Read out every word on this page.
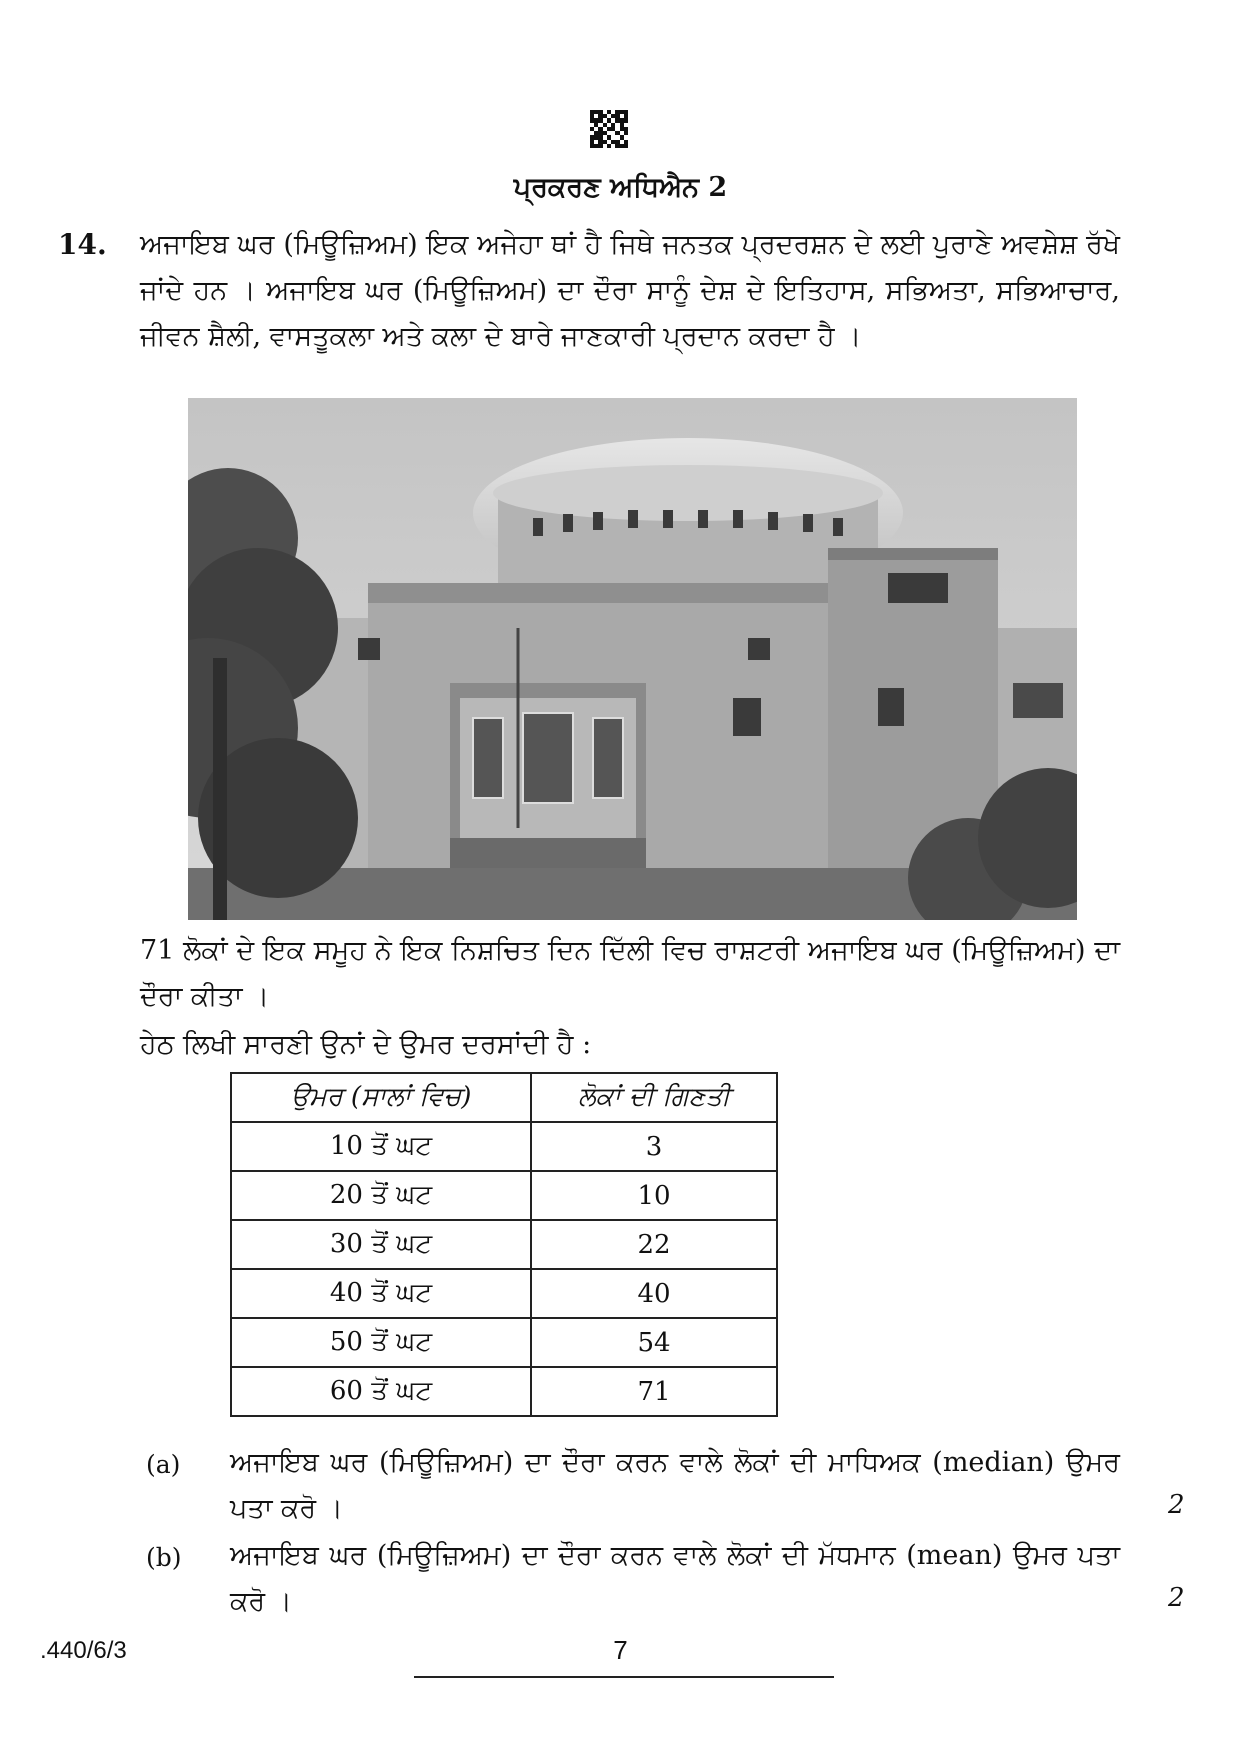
ਪ੍ਰਕਰਣ ਅਧਿਐਨ 2
14. ਅਜਾਇਬ ਘਰ (ਮਿਊਜ਼ਿਅਮ) ਇਕ ਅਜੇਹਾ ਥਾਂ ਹੈ ਜਿਥੇ ਜਨਤਕ ਪ੍ਰਦਰਸ਼ਨ ਦੇ ਲਈ ਪੁਰਾਣੇ ਅਵਸ਼ੇਸ਼ ਰੱਖੇ ਜਾਂਦੇ ਹਨ । ਅਜਾਇਬ ਘਰ (ਮਿਊਜ਼ਿਅਮ) ਦਾ ਦੌਰਾ ਸਾਨੂੰ ਦੇਸ਼ ਦੇ ਇਤਿਹਾਸ, ਸਭਿਅਤਾ, ਸਭਿਆਚਾਰ, ਜੀਵਨ ਸ਼ੈਲੀ, ਵਾਸਤੂਕਲਾ ਅਤੇ ਕਲਾ ਦੇ ਬਾਰੇ ਜਾਣਕਾਰੀ ਪ੍ਰਦਾਨ ਕਰਦਾ ਹੈ ।
71 ਲੋਕਾਂ ਦੇ ਇਕ ਸਮੂਹ ਨੇ ਇਕ ਨਿਸ਼ਚਿਤ ਦਿਨ ਦਿੱਲੀ ਵਿਚ ਰਾਸ਼ਟਰੀ ਅਜਾਇਬ ਘਰ (ਮਿਊਜ਼ਿਅਮ) ਦਾ ਦੌਰਾ ਕੀਤਾ ।
ਹੇਠ ਲਿਖੀ ਸਾਰਣੀ ਉਨਾਂ ਦੇ ਉਮਰ ਦਰਸਾਂਦੀ ਹੈ :
ਉਮਰ (ਸਾਲਾਂ ਵਿਚ)	ਲੋਕਾਂ ਦੀ ਗਿਣਤੀ
10 ਤੋਂ ਘਟ	3
20 ਤੋਂ ਘਟ	10
30 ਤੋਂ ਘਟ	22
40 ਤੋਂ ਘਟ	40
50 ਤੋਂ ਘਟ	54
60 ਤੋਂ ਘਟ	71
(a) ਅਜਾਇਬ ਘਰ (ਮਿਊਜ਼ਿਅਮ) ਦਾ ਦੌਰਾ ਕਰਨ ਵਾਲੇ ਲੋਕਾਂ ਦੀ ਮਾਧਿਅਕ (median) ਉਮਰ ਪਤਾ ਕਰੋ ।	2
(b) ਅਜਾਇਬ ਘਰ (ਮਿਊਜ਼ਿਅਮ) ਦਾ ਦੌਰਾ ਕਰਨ ਵਾਲੇ ਲੋਕਾਂ ਦੀ ਮੱਧਮਾਨ (mean) ਉਮਰ ਪਤਾ ਕਰੋ ।	2
.440/6/3	7
